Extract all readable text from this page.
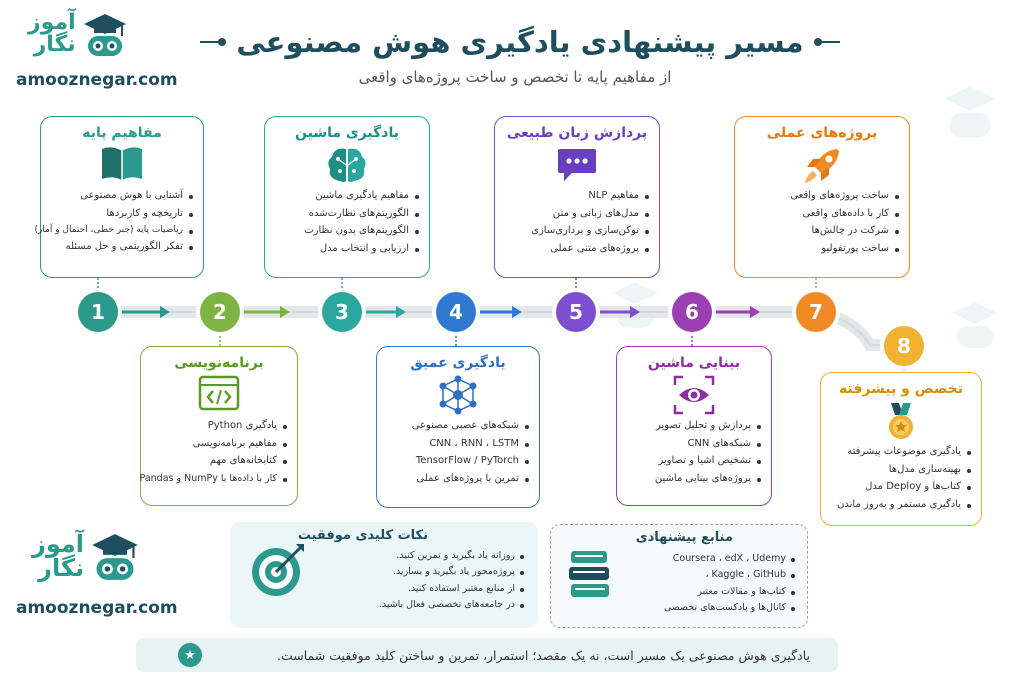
مسیر پیشنهادی یادگیری هوش مصنوعی
از مفاهیم پایه تا تخصص و ساخت پروژه‌های واقعی
آموز
نگار
amooznegar.com
آموز
نگار
amooznegar.com
1	2	3	4	5	6	7
8
مفاهیم پایه
آشنایی با هوش مصنوعی
تاریخچه و کاربردها
ریاضیات پایه (جبر خطی، احتمال و آمار)
تفکر الگوریتمی و حل مسئله
برنامه‌نویسی
یادگیری Python
مفاهیم برنامه‌نویسی
کتابخانه‌های مهم
کار با داده‌ها با NumPy و Pandas
یادگیری ماشین
مفاهیم یادگیری ماشین
الگوریتم‌های نظارت‌شده
الگوریتم‌های بدون نظارت
ارزیابی و انتخاب مدل
یادگیری عمیق
شبکه‌های عصبی مصنوعی
CNN ، RNN ، LSTM
TensorFlow / PyTorch
تمرین با پروژه‌های عملی
پردازش زبان طبیعی
مفاهیم NLP
مدل‌های زبانی و متن
توکن‌سازی و برداری‌سازی
پروژه‌های متنی عملی
بینایی ماشین
پردازش و تحلیل تصویر
شبکه‌های CNN
تشخیص اشیا و تصاویر
پروژه‌های بینایی ماشین
پروژه‌های عملی
ساخت پروژه‌های واقعی
کار با داده‌های واقعی
شرکت در چالش‌ها
ساخت پورتفولیو
تخصص و پیشرفته
یادگیری موضوعات پیشرفته
بهینه‌سازی مدل‌ها
کتاب‌ها و Deploy مدل
یادگیری مستمر و به‌روز ماندن
نکات کلیدی موفقیت
روزانه یاد بگیرید و تمرین کنید.
پروژه‌محور یاد بگیرید و بسازید.
از منابع معتبر استفاده کنید.
در جامعه‌های تخصصی فعال باشید.
منابع پیشنهادی
Coursera ، edX ، Udemy
Kaggle ، GitHub ،
کتاب‌ها و مقالات معتبر
کانال‌ها و پادکست‌های تخصصی
یادگیری هوش مصنوعی یک مسیر است، نه یک مقصد؛ استمرار، تمرین و ساختن کلید موفقیت شماست.
★
